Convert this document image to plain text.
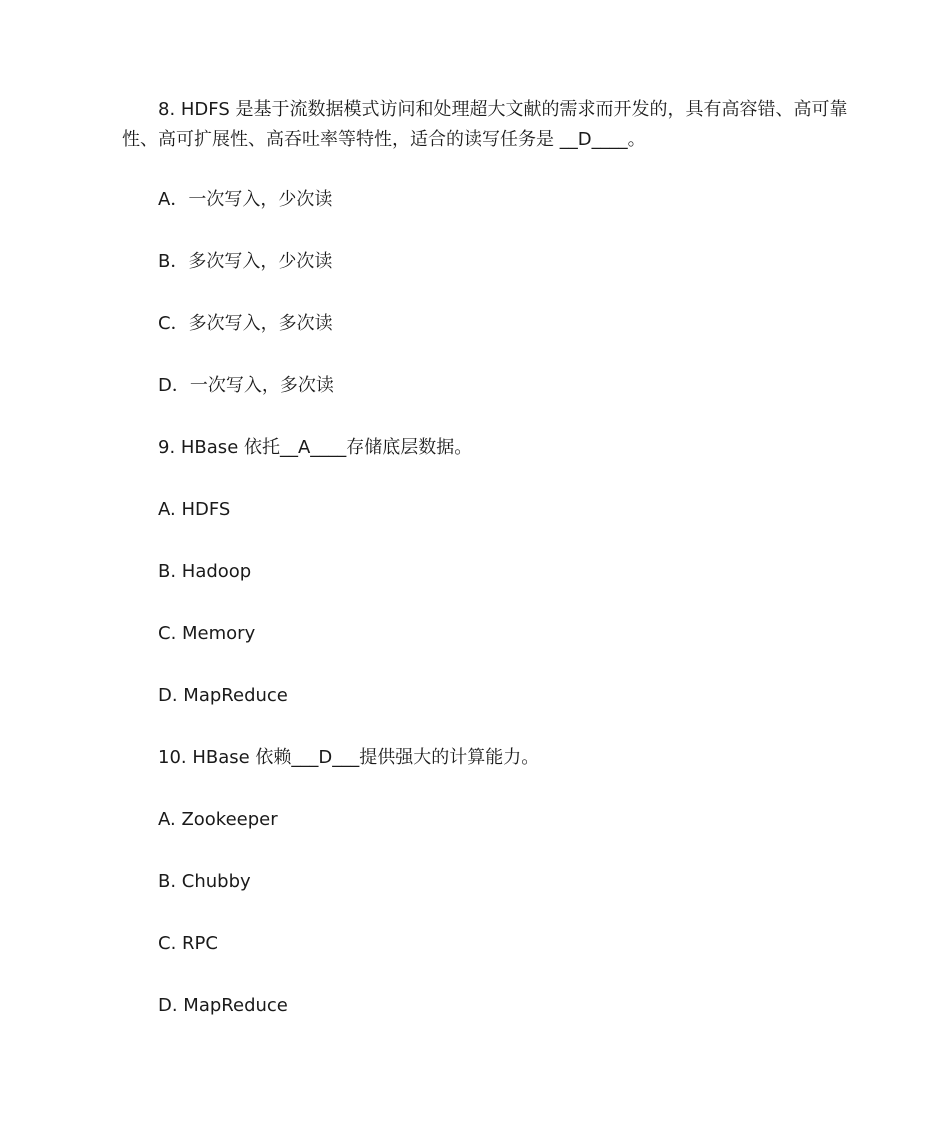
8. HDFS 是基于流数据模式访问和处理超大文献的需求而开发的，具有高容错、高可靠
性、高可扩展性、高吞吐率等特性，适合的读写任务是 __D____。
A．一次写入，少次读
B．多次写入，少次读
C．多次写入，多次读
D．一次写入，多次读
9. HBase 依托__A____存储底层数据。
A. HDFS
B. Hadoop
C. Memory
D. MapReduce
10. HBase 依赖___D___提供强大的计算能力。
A. Zookeeper
B. Chubby
C. RPC
D. MapReduce
